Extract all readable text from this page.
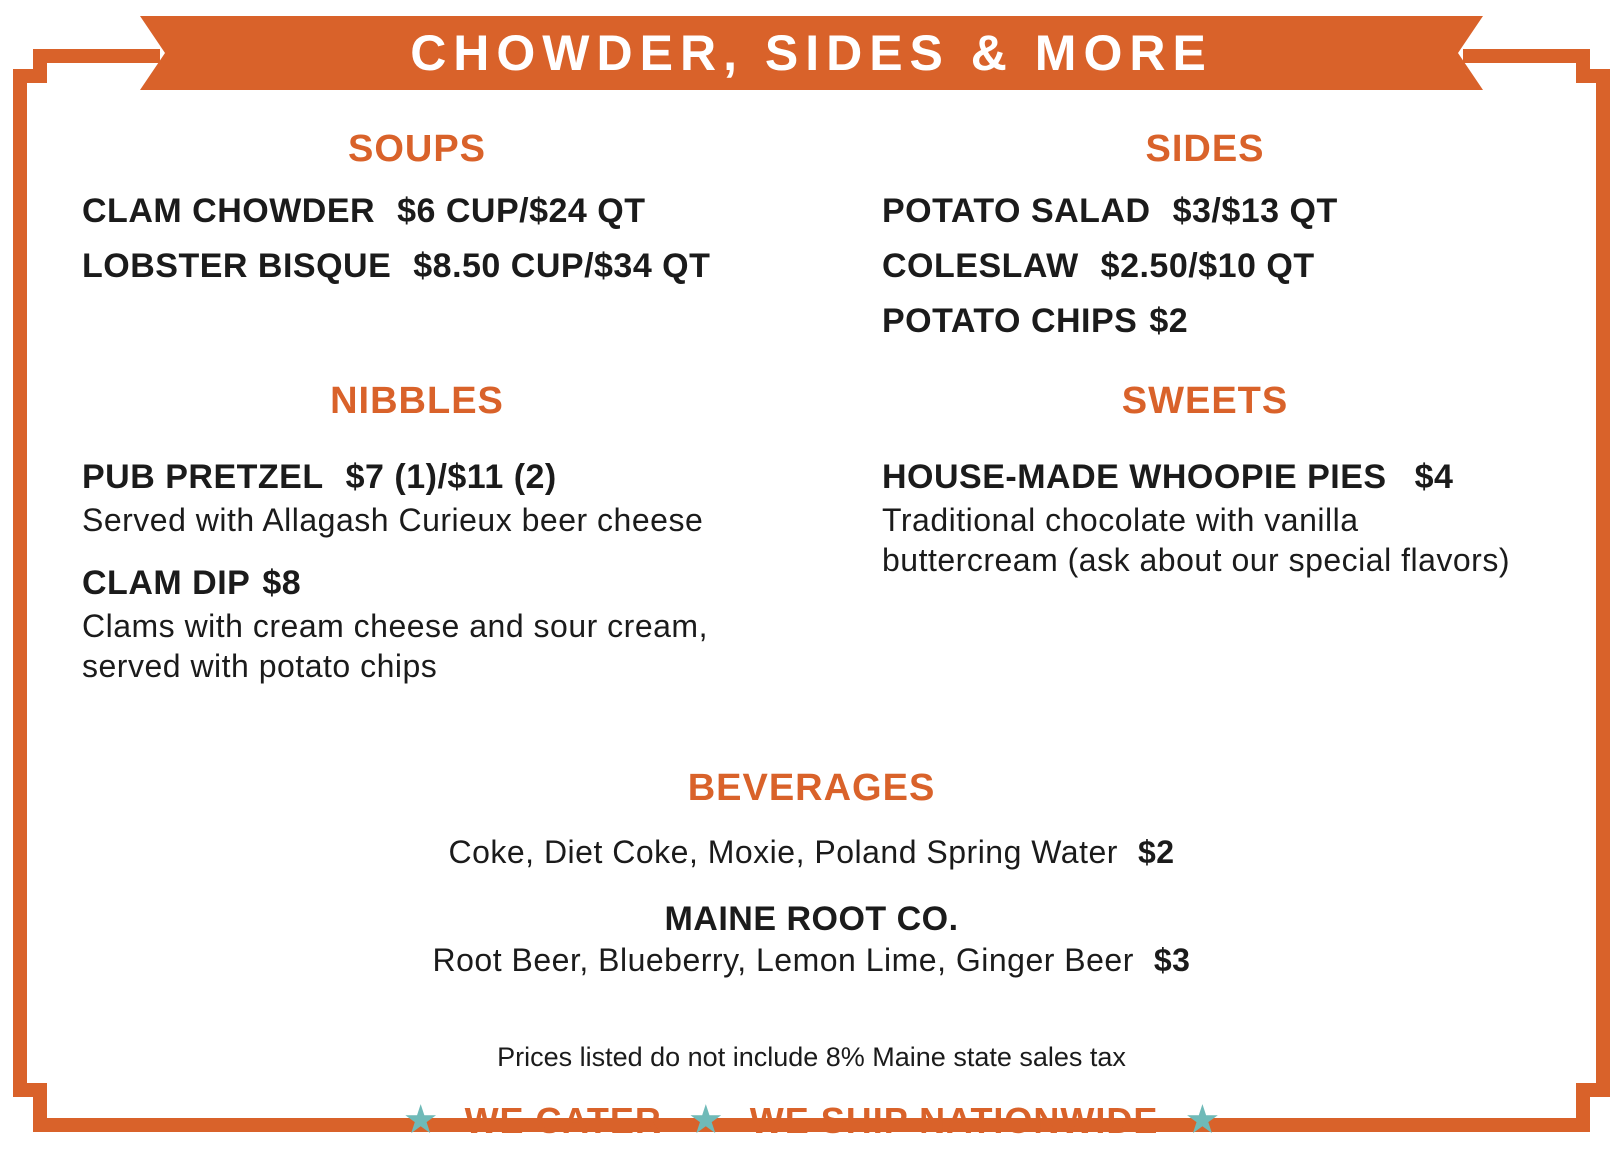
CHOWDER, SIDES & MORE
SOUPS
CLAM CHOWDER $6 CUP/$24 QT
LOBSTER BISQUE $8.50 CUP/$34 QT
SIDES
POTATO SALAD $3/$13 QT
COLESLAW $2.50/$10 QT
POTATO CHIPS $2
NIBBLES
PUB PRETZEL $7 (1)/$11 (2)
Served with Allagash Curieux beer cheese
CLAM DIP $8
Clams with cream cheese and sour cream,
served with potato chips
SWEETS
HOUSE-MADE WHOOPIE PIES $4
Traditional chocolate with vanilla
buttercream (ask about our special flavors)
BEVERAGES
Coke, Diet Coke, Moxie, Poland Spring Water $2
MAINE ROOT CO.
Root Beer, Blueberry, Lemon Lime, Ginger Beer $3
Prices listed do not include 8% Maine state sales tax
★ WE CATER ★ WE SHIP NATIONWIDE ★
